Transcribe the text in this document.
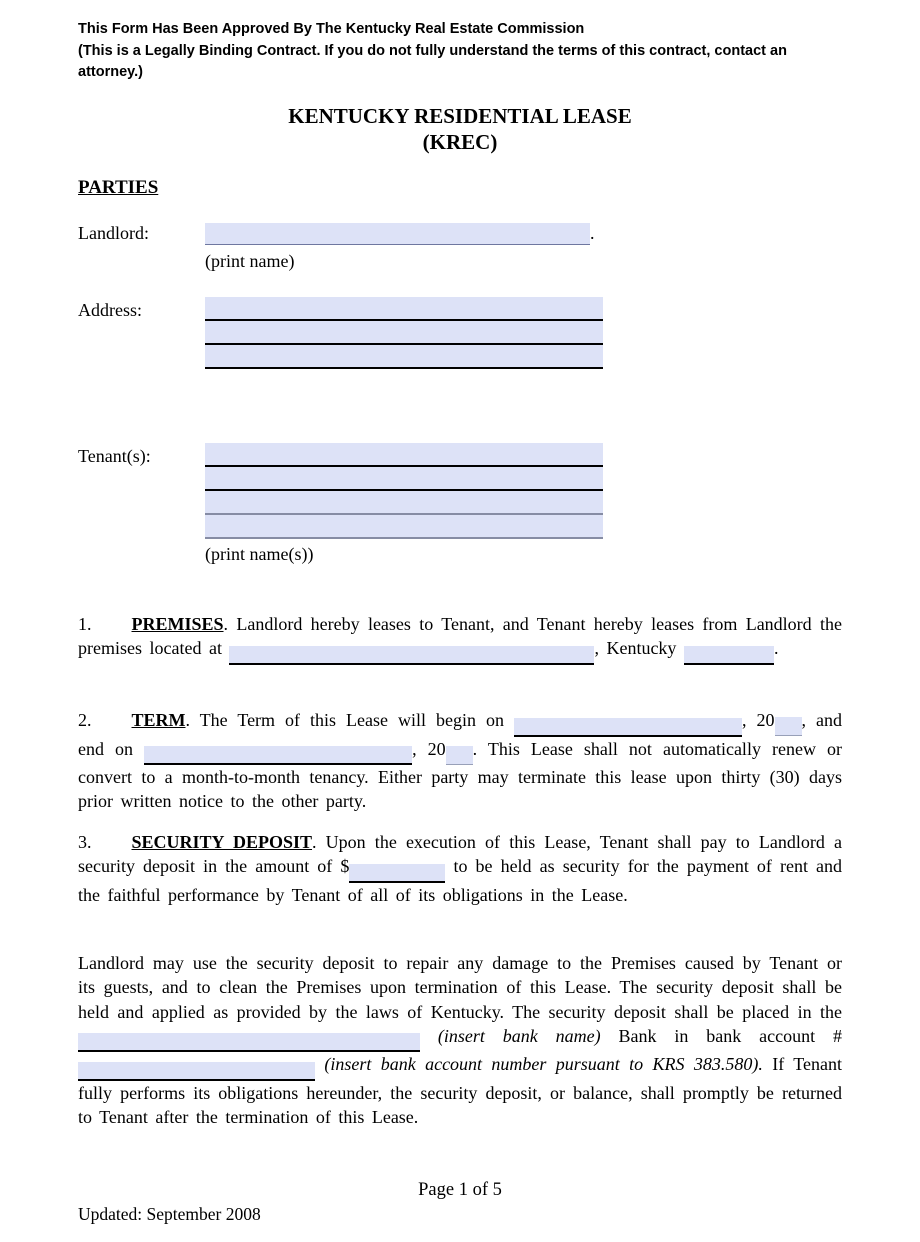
This Form Has Been Approved By The Kentucky Real Estate Commission
(This is a Legally Binding Contract. If you do not fully understand the terms of this contract, contact an attorney.)
KENTUCKY RESIDENTIAL LEASE
(KREC)
PARTIES
Landlord:	.
(print name)
Address:
Tenant(s):
(print name(s))
1. PREMISES. Landlord hereby leases to Tenant, and Tenant hereby leases from Landlord the premises located at	, Kentucky	.
2. TERM. The Term of this Lease will begin on	, 20 , and end on	, 20 . This Lease shall not automatically renew or convert to a month-to-month tenancy. Either party may terminate this lease upon thirty (30) days prior written notice to the other party.
3. SECURITY DEPOSIT. Upon the execution of this Lease, Tenant shall pay to Landlord a security deposit in the amount of $	to be held as security for the payment of rent and the faithful performance by Tenant of all of its obligations in the Lease.
Landlord may use the security deposit to repair any damage to the Premises caused by Tenant or its guests, and to clean the Premises upon termination of this Lease. The security deposit shall be held and applied as provided by the laws of Kentucky. The security deposit shall be placed in the  (insert bank name) Bank in bank account #  (insert bank account number pursuant to KRS 383.580). If Tenant fully performs its obligations hereunder, the security deposit, or balance, shall promptly be returned to Tenant after the termination of this Lease.
Page 1 of 5
Updated: September 2008
